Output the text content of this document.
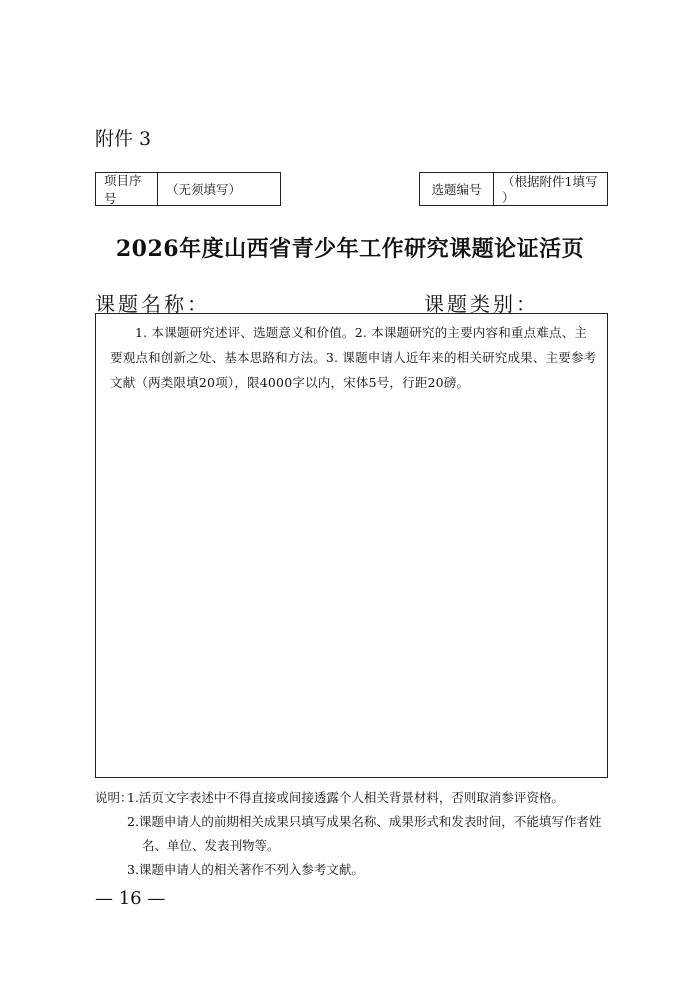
附件 3
项目序号
（无须填写）	选题编号
（根据附件1填写
）
2026年度山西省青少年工作研究课题论证活页
课题名称：	课题类别：
1. 本课题研究述评、选题意义和价值。2. 本课题研究的主要内容和重点难点、主要观点和创新之处、基本思路和方法。3. 课题申请人近年来的相关研究成果、主要参考文献（两类限填20项），限4000字以内，宋体5号，行距20磅。
说明：
1.活页文字表述中不得直接或间接透露个人相关背景材料，否则取消参评资格。
2.课题申请人的前期相关成果只填写成果名称、成果形式和发表时间，不能填写作者姓
名、单位、发表刊物等。
3.课题申请人的相关著作不列入参考文献。
— 16 —
